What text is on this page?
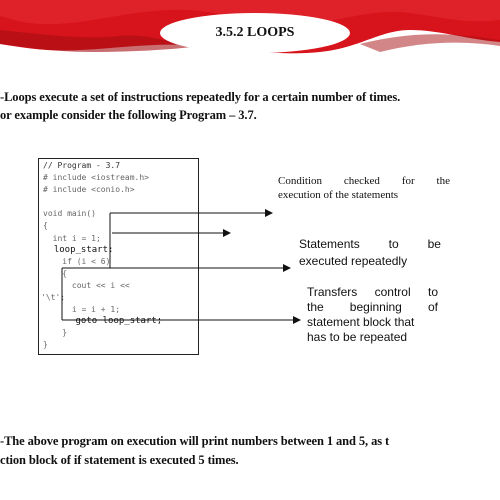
3.5.2 LOOPS
-Loops execute a set of instructions repeatedly for a certain number of times.
or example consider the following Program – 3.7.
// Program - 3.7
# include <iostream.h>
# include <conio.h>
void main()
{
int i = 1;
loop_start:
if (i < 6)
{
cout << i <<
'\t';
i = i + 1;
goto loop_start;
}
}
Condition checked for the
execution of the statements
Statements to be
executed repeatedly
Transfers control to
the beginning of
statement block that
has to be repeated
-The above program on execution will print numbers between 1 and 5, as t
ction block of if statement is executed 5 times.
